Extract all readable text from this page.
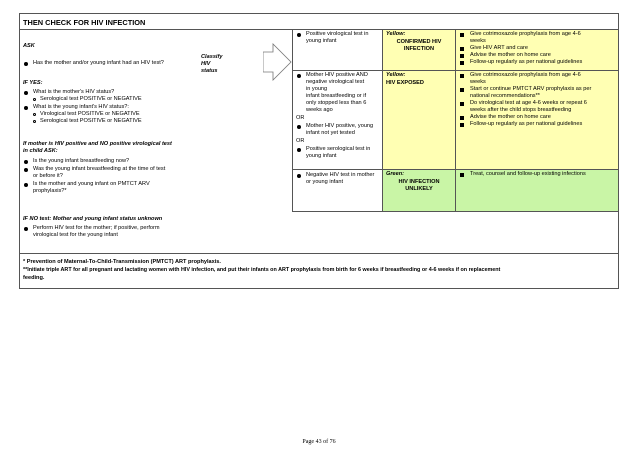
THEN CHECK FOR HIV INFECTION
ASK
Has the mother and/or young infant had an HIV test?
IF YES:
What is the mother's HIV status?
Serological test POSITIVE or NEGATIVE
What is the young infant's HIV status?:
Virological test POSITIVE or NEGATIVE
Serological test POSITIVE or NEGATIVE
If mother is HIV positive and NO positive virological test
in child ASK:
Is the young infant breastfeeding now?
Was the young infant breastfeeding at the time of test
or before it?
Is the mother and young infant on PMTCT ARV
prophylaxis?*
IF NO test: Mother and young infant status unknown
Perform HIV test for the mother; if positive, perform
virological test for the young infant
Classify
HIV
status
Positive virological test in
young infant
Yellow:
CONFIRMED HIV
INFECTION
Give cotrimoxazole prophylaxis from age 4-6
weeks
Give HIV ART and care
Advise the mother on home care
Follow-up regularly as per national guidelines
Mother HIV positive AND
negative virological test
in young
infant breastfeeding or if
only stopped less than 6
weeks ago
OR
Mother HIV positive, young
infant not yet tested
OR
Positive serological test in
young infant
Yellow:
HIV EXPOSED
Give cotrimoxazole prophylaxis from age 4-6
weeks
Start or continue PMTCT ARV prophylaxis as per
national recommendations**
Do virological test at age 4-6 weeks or repeat 6
weeks after the child stops breastfeeding
Advise the mother on home care
Follow-up regularly as per national guidelines
Negative HIV test in mother
or young infant
Green:
HIV INFECTION
UNLIKELY
Treat, counsel and follow-up existing infections
* Prevention of Maternal-To-Child-Transmission (PMTCT) ART prophylaxis.
**Initiate triple ART for all pregnant and lactating women with HIV infection, and put their infants on ART prophylaxis from birth for 6 weeks if breastfeeding or 4-6 weeks if on replacement
feeding.
Page 43 of 76
